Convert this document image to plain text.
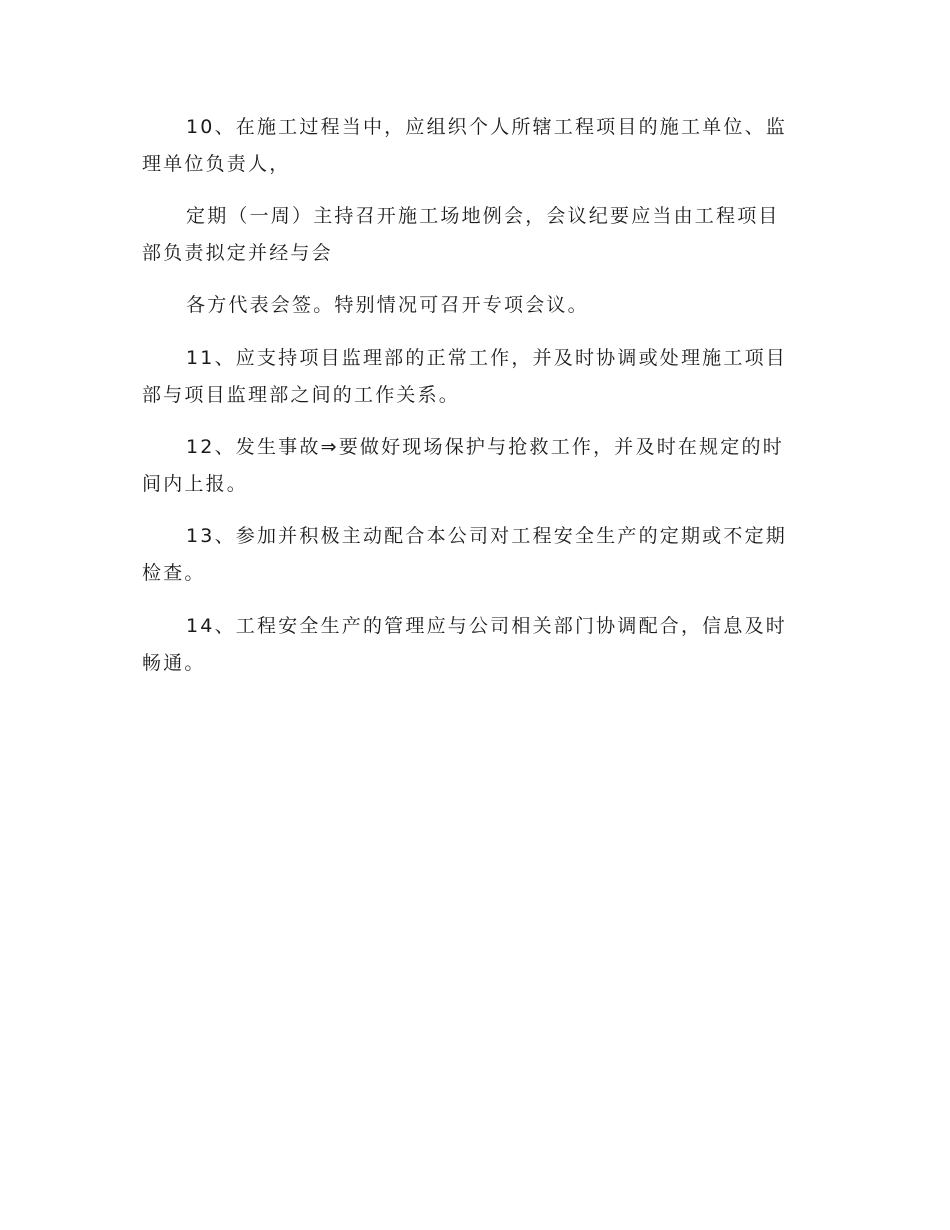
10、在施工过程当中，应组织个人所辖工程项目的施工单位、监理单位负责人，

定期（一周）主持召开施工场地例会，会议纪要应当由工程项目部负责拟定并经与会

各方代表会签。特别情况可召开专项会议。

11、应支持项目监理部的正常工作，并及时协调或处理施工项目部与项目监理部之间的工作关系。

12、发生事故⇒要做好现场保护与抢救工作，并及时在规定的时间内上报。

13、参加并积极主动配合本公司对工程安全生产的定期或不定期检查。

14、工程安全生产的管理应与公司相关部门协调配合，信息及时畅通。
